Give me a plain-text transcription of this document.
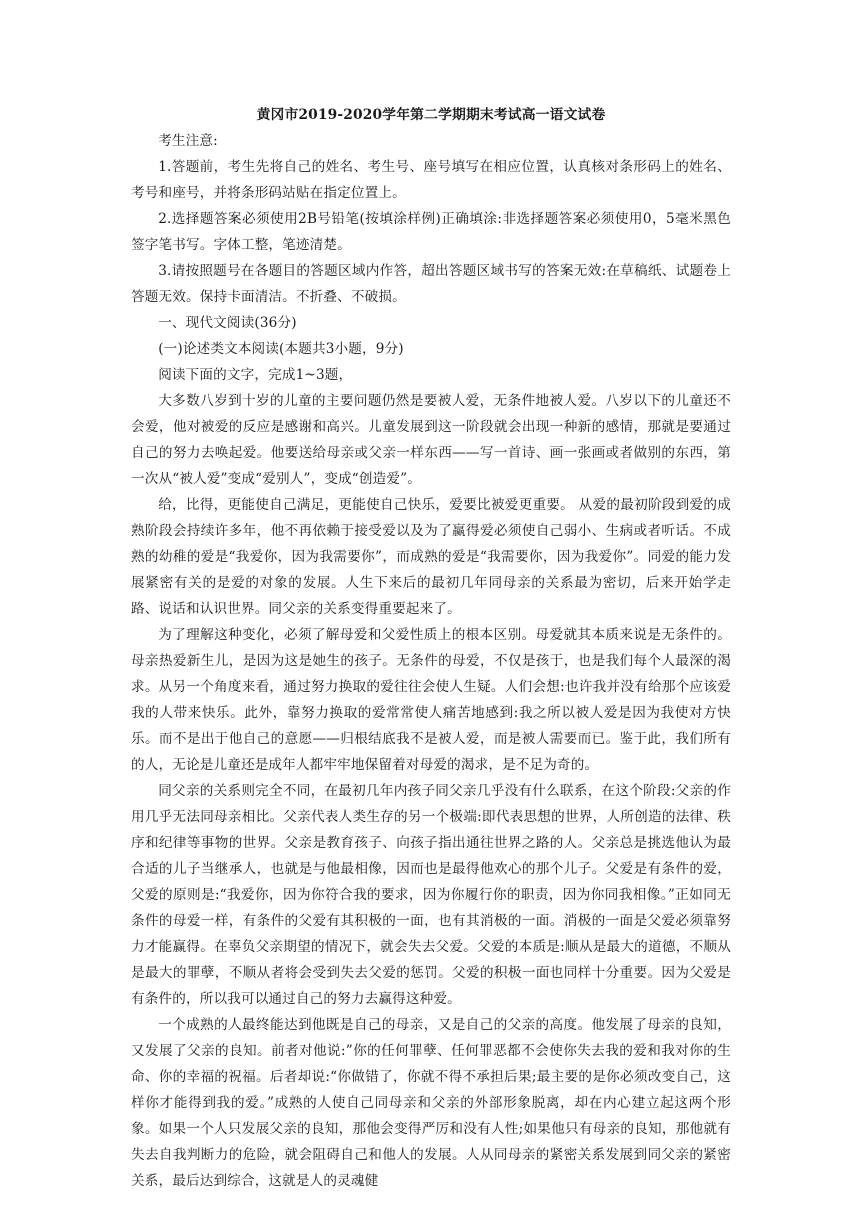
黄冈市2019-2020学年第二学期期末考试高一语文试卷

考生注意:

1.答题前，考生先将自己的姓名、考生号、座号填写在相应位置，认真核对条形码上的姓名、考号和座号，并将条形码站贴在指定位置上。

2.选择题答案必须使用2B号铅笔(按填涂样例)正确填涂:非选择题答案必须使用0，5毫米黑色签字笔书写。字体工整，笔迹清楚。

3.请按照题号在各题目的答题区域内作答，超出答题区域书写的答案无效:在草稿纸、试题卷上答题无效。保持卡面清洁。不折叠、不破损。

一、现代文阅读(36分)

(一)论述类文本阅读(本题共3小题，9分)

阅读下面的文字，完成1~3题，

大多数八岁到十岁的儿童的主要问题仍然是要被人爱，无条件地被人爱。八岁以下的儿童还不会爱，他对被爱的反应是感谢和高兴。儿童发展到这一阶段就会出现一种新的感情，那就是要通过自己的努力去唤起爱。他要送给母亲或父亲一样东西——写一首诗、画一张画或者做别的东西，第一次从“被人爱”变成“爱别人”，变成“创造爱”。

给，比得，更能使自己满足，更能使自己快乐，爱要比被爱更重要。 从爱的最初阶段到爱的成熟阶段会持续许多年，他不再依赖于接受爱以及为了赢得爱必须使自己弱小、生病或者听话。不成熟的幼稚的爱是“我爱你，因为我需要你”，而成熟的爱是“我需要你，因为我爱你”。同爱的能力发展紧密有关的是爱的对象的发展。人生下来后的最初几年同母亲的关系最为密切，后来开始学走路、说话和认识世界。同父亲的关系变得重要起来了。

为了理解这种变化，必须了解母爱和父爱性质上的根本区别。母爱就其本质来说是无条件的。母亲热爱新生儿，是因为这是她生的孩子。无条件的母爱，不仅是孩于，也是我们每个人最深的渴求。从另一个角度来看，通过努力换取的爱往往会使人生疑。人们会想:也许我并没有给那个应该爱我的人带来快乐。此外，靠努力换取的爱常常使人痛苦地感到:我之所以被人爱是因为我使对方快乐。而不是出于他自己的意愿——归根结底我不是被人爱，而是被人需要而已。鉴于此，我们所有的人，无论是儿童还是成年人都牢牢地保留着对母爱的渴求，是不足为奇的。

同父亲的关系则完全不同，在最初几年内孩子同父亲几乎没有什么联系，在这个阶段:父亲的作用几乎无法同母亲相比。父亲代表人类生存的另一个极端:即代表思想的世界，人所创造的法律、秩序和纪律等事物的世界。父亲是教育孩子、向孩子指出通往世界之路的人。父亲总是挑选他认为最合适的儿子当继承人，也就是与他最相像，因而也是最得他欢心的那个儿子。父爱是有条件的爱，父爱的原则是:“我爱你，因为你符合我的要求，因为你履行你的职责，因为你同我相像。”正如同无条件的母爱一样，有条件的父爱有其积极的一面，也有其消极的一面。消极的一面是父爱必须靠努力才能赢得。在辜负父亲期望的情况下，就会失去父爱。父爱的本质是:顺从是最大的道德，不顺从是最大的罪孽，不顺从者将会受到失去父爱的惩罚。父爱的积极一面也同样十分重要。因为父爱是有条件的，所以我可以通过自己的努力去赢得这种爱。

一个成熟的人最终能达到他既是自己的母亲，又是自己的父亲的高度。他发展了母亲的良知，又发展了父亲的良知。前者对他说:”你的任何罪孽、任何罪恶都不会使你失去我的爱和我对你的生命、你的幸福的祝福。后者却说:“你做错了，你就不得不承担后果;最主要的是你必须改变自己，这样你才能得到我的爱。”成熟的人使自己同母亲和父亲的外部形象脱离，却在内心建立起这两个形象。如果一个人只发展父亲的良知，那他会变得严厉和没有人性;如果他只有母亲的良知，那他就有失去自我判断力的危险，就会阻碍自己和他人的发展。人从同母亲的紧密关系发展到同父亲的紧密关系，最后达到综合，这就是人的灵魂健
